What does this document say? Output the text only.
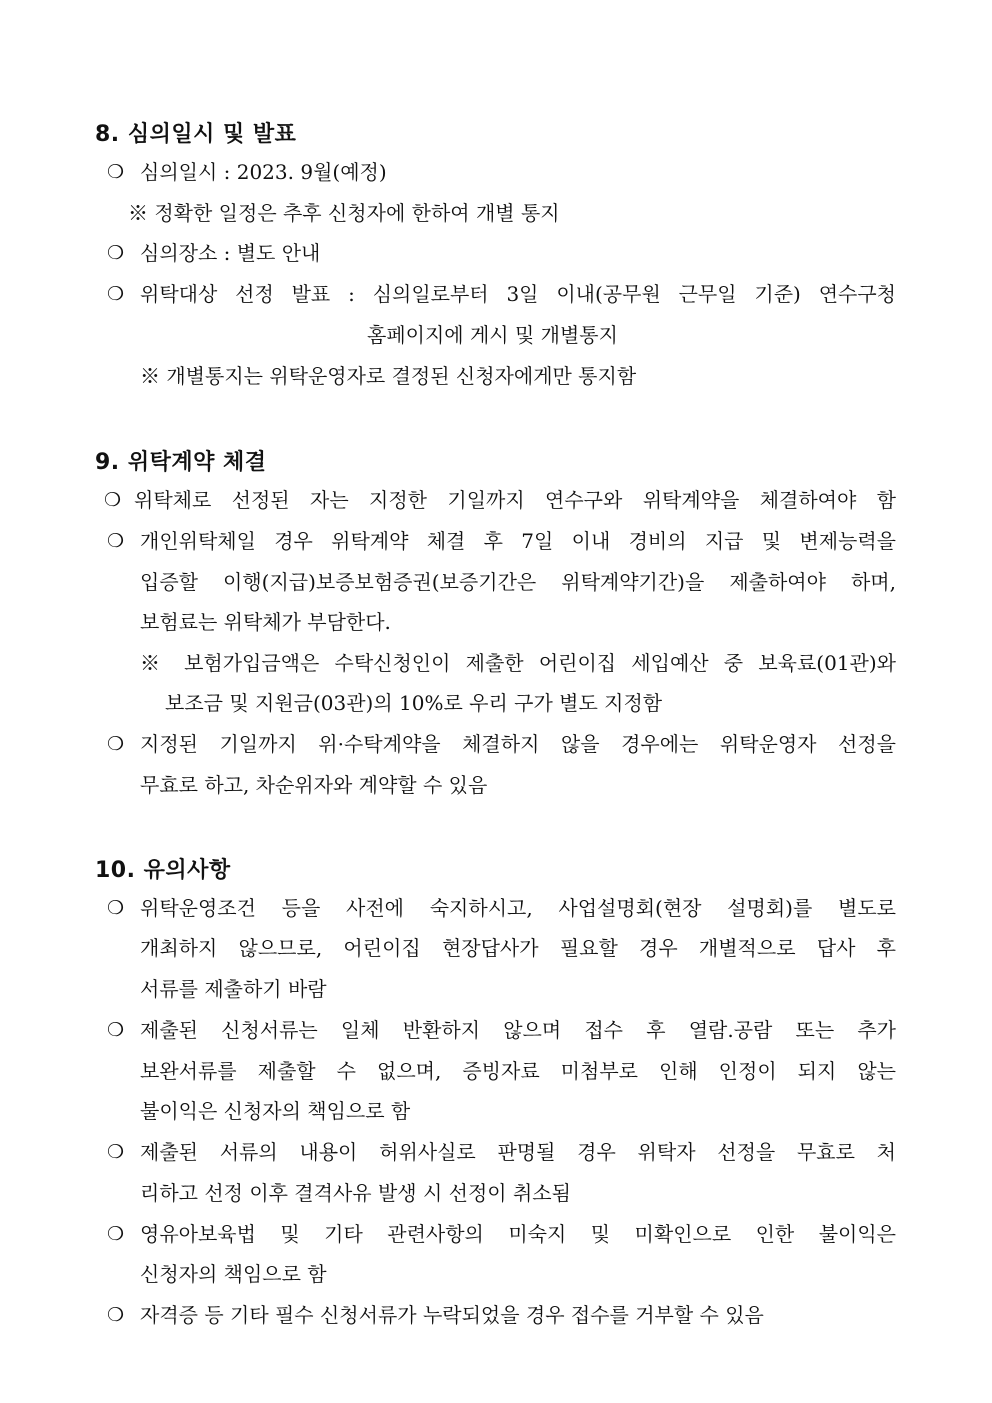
8. 심의일시 및 발표
❍ 심의일시 : 2023. 9월(예정)
※ 정확한 일정은 추후 신청자에 한하여 개별 통지
❍ 심의장소 : 별도 안내
❍ 위탁대상 선정 발표 : 심의일로부터 3일 이내(공무원 근무일 기준) 연수구청
홈페이지에 게시 및 개별통지
※ 개별통지는 위탁운영자로 결정된 신청자에게만 통지함
9. 위탁계약 체결
❍ 위탁체로 선정된 자는 지정한 기일까지 연수구와 위탁계약을 체결하여야 함
❍ 개인위탁체일 경우 위탁계약 체결 후 7일 이내 경비의 지급 및 변제능력을
입증할 이행(지급)보증보험증권(보증기간은 위탁계약기간)을 제출하여야 하며,
보험료는 위탁체가 부담한다.
※ 보험가입금액은 수탁신청인이 제출한 어린이집 세입예산 중 보육료(01관)와
보조금 및 지원금(03관)의 10%로 우리 구가 별도 지정함
❍ 지정된 기일까지 위·수탁계약을 체결하지 않을 경우에는 위탁운영자 선정을
무효로 하고, 차순위자와 계약할 수 있음
10. 유의사항
❍ 위탁운영조건 등을 사전에 숙지하시고, 사업설명회(현장 설명회)를 별도로
개최하지 않으므로, 어린이집 현장답사가 필요할 경우 개별적으로 답사 후
서류를 제출하기 바람
❍ 제출된 신청서류는 일체 반환하지 않으며 접수 후 열람.공람 또는 추가
보완서류를 제출할 수 없으며, 증빙자료 미첨부로 인해 인정이 되지 않는
불이익은 신청자의 책임으로 함
❍ 제출된 서류의 내용이 허위사실로 판명될 경우 위탁자 선정을 무효로 처
리하고 선정 이후 결격사유 발생 시 선정이 취소됨
❍ 영유아보육법 및 기타 관련사항의 미숙지 및 미확인으로 인한 불이익은
신청자의 책임으로 함
❍ 자격증 등 기타 필수 신청서류가 누락되었을 경우 접수를 거부할 수 있음
